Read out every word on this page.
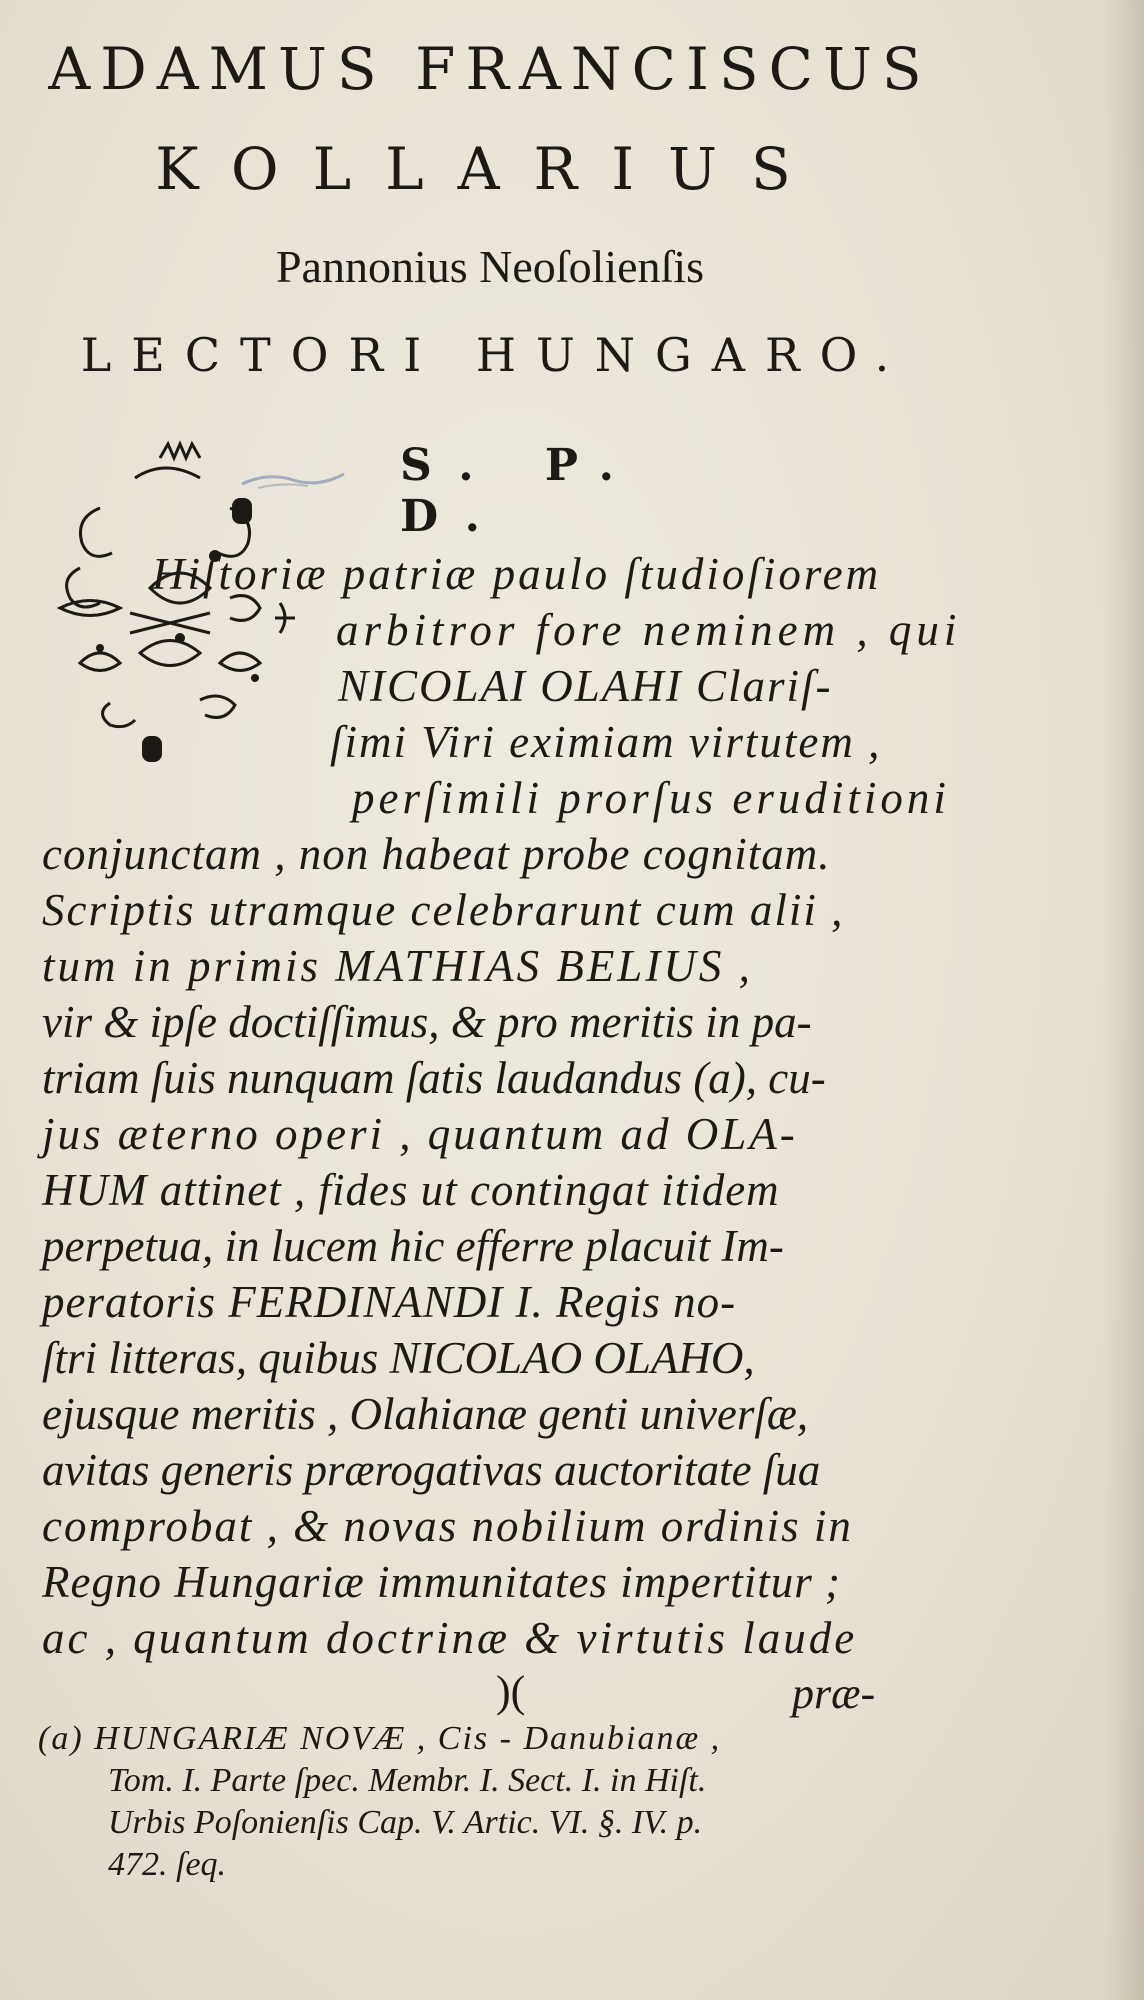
ADAMUS FRANCISCUS
KOLLARIUS
Pannonius Neoſolienſis
LECTORI HUNGARO.
S. P. D.
Hiſtoriæ patriæ paulo ſtudioſiorem
arbitror fore neminem , qui
NICOLAI OLAHI Clariſ-
ſimi Viri eximiam virtutem ,
perſimili prorſus eruditioni
conjunctam , non habeat probe cognitam.
Scriptis utramque celebrarunt cum alii ,
tum in primis MATHIAS BELIUS ,
vir & ipſe doctiſſimus, & pro meritis in pa-
triam ſuis nunquam ſatis laudandus (a), cu-
jus æterno operi , quantum ad OLA-
HUM attinet , fides ut contingat itidem
perpetua, in lucem hic efferre placuit Im-
peratoris FERDINANDI I. Regis no-
ſtri litteras, quibus NICOLAO OLAHO,
ejusque meritis , Olahianæ genti univerſæ,
avitas generis prærogativas auctoritate ſua
comprobat , & novas nobilium ordinis in
Regno Hungariæ immunitates impertitur ;
ac , quantum doctrinæ & virtutis laude
)(	præ-
(a) HUNGARIÆ NOVÆ , Cis - Danubianæ ,
Tom. I. Parte ſpec. Membr. I. Sect. I. in Hiſt.
Urbis Poſonienſis Cap. V. Artic. VI. §. IV. p.
472. ſeq.
